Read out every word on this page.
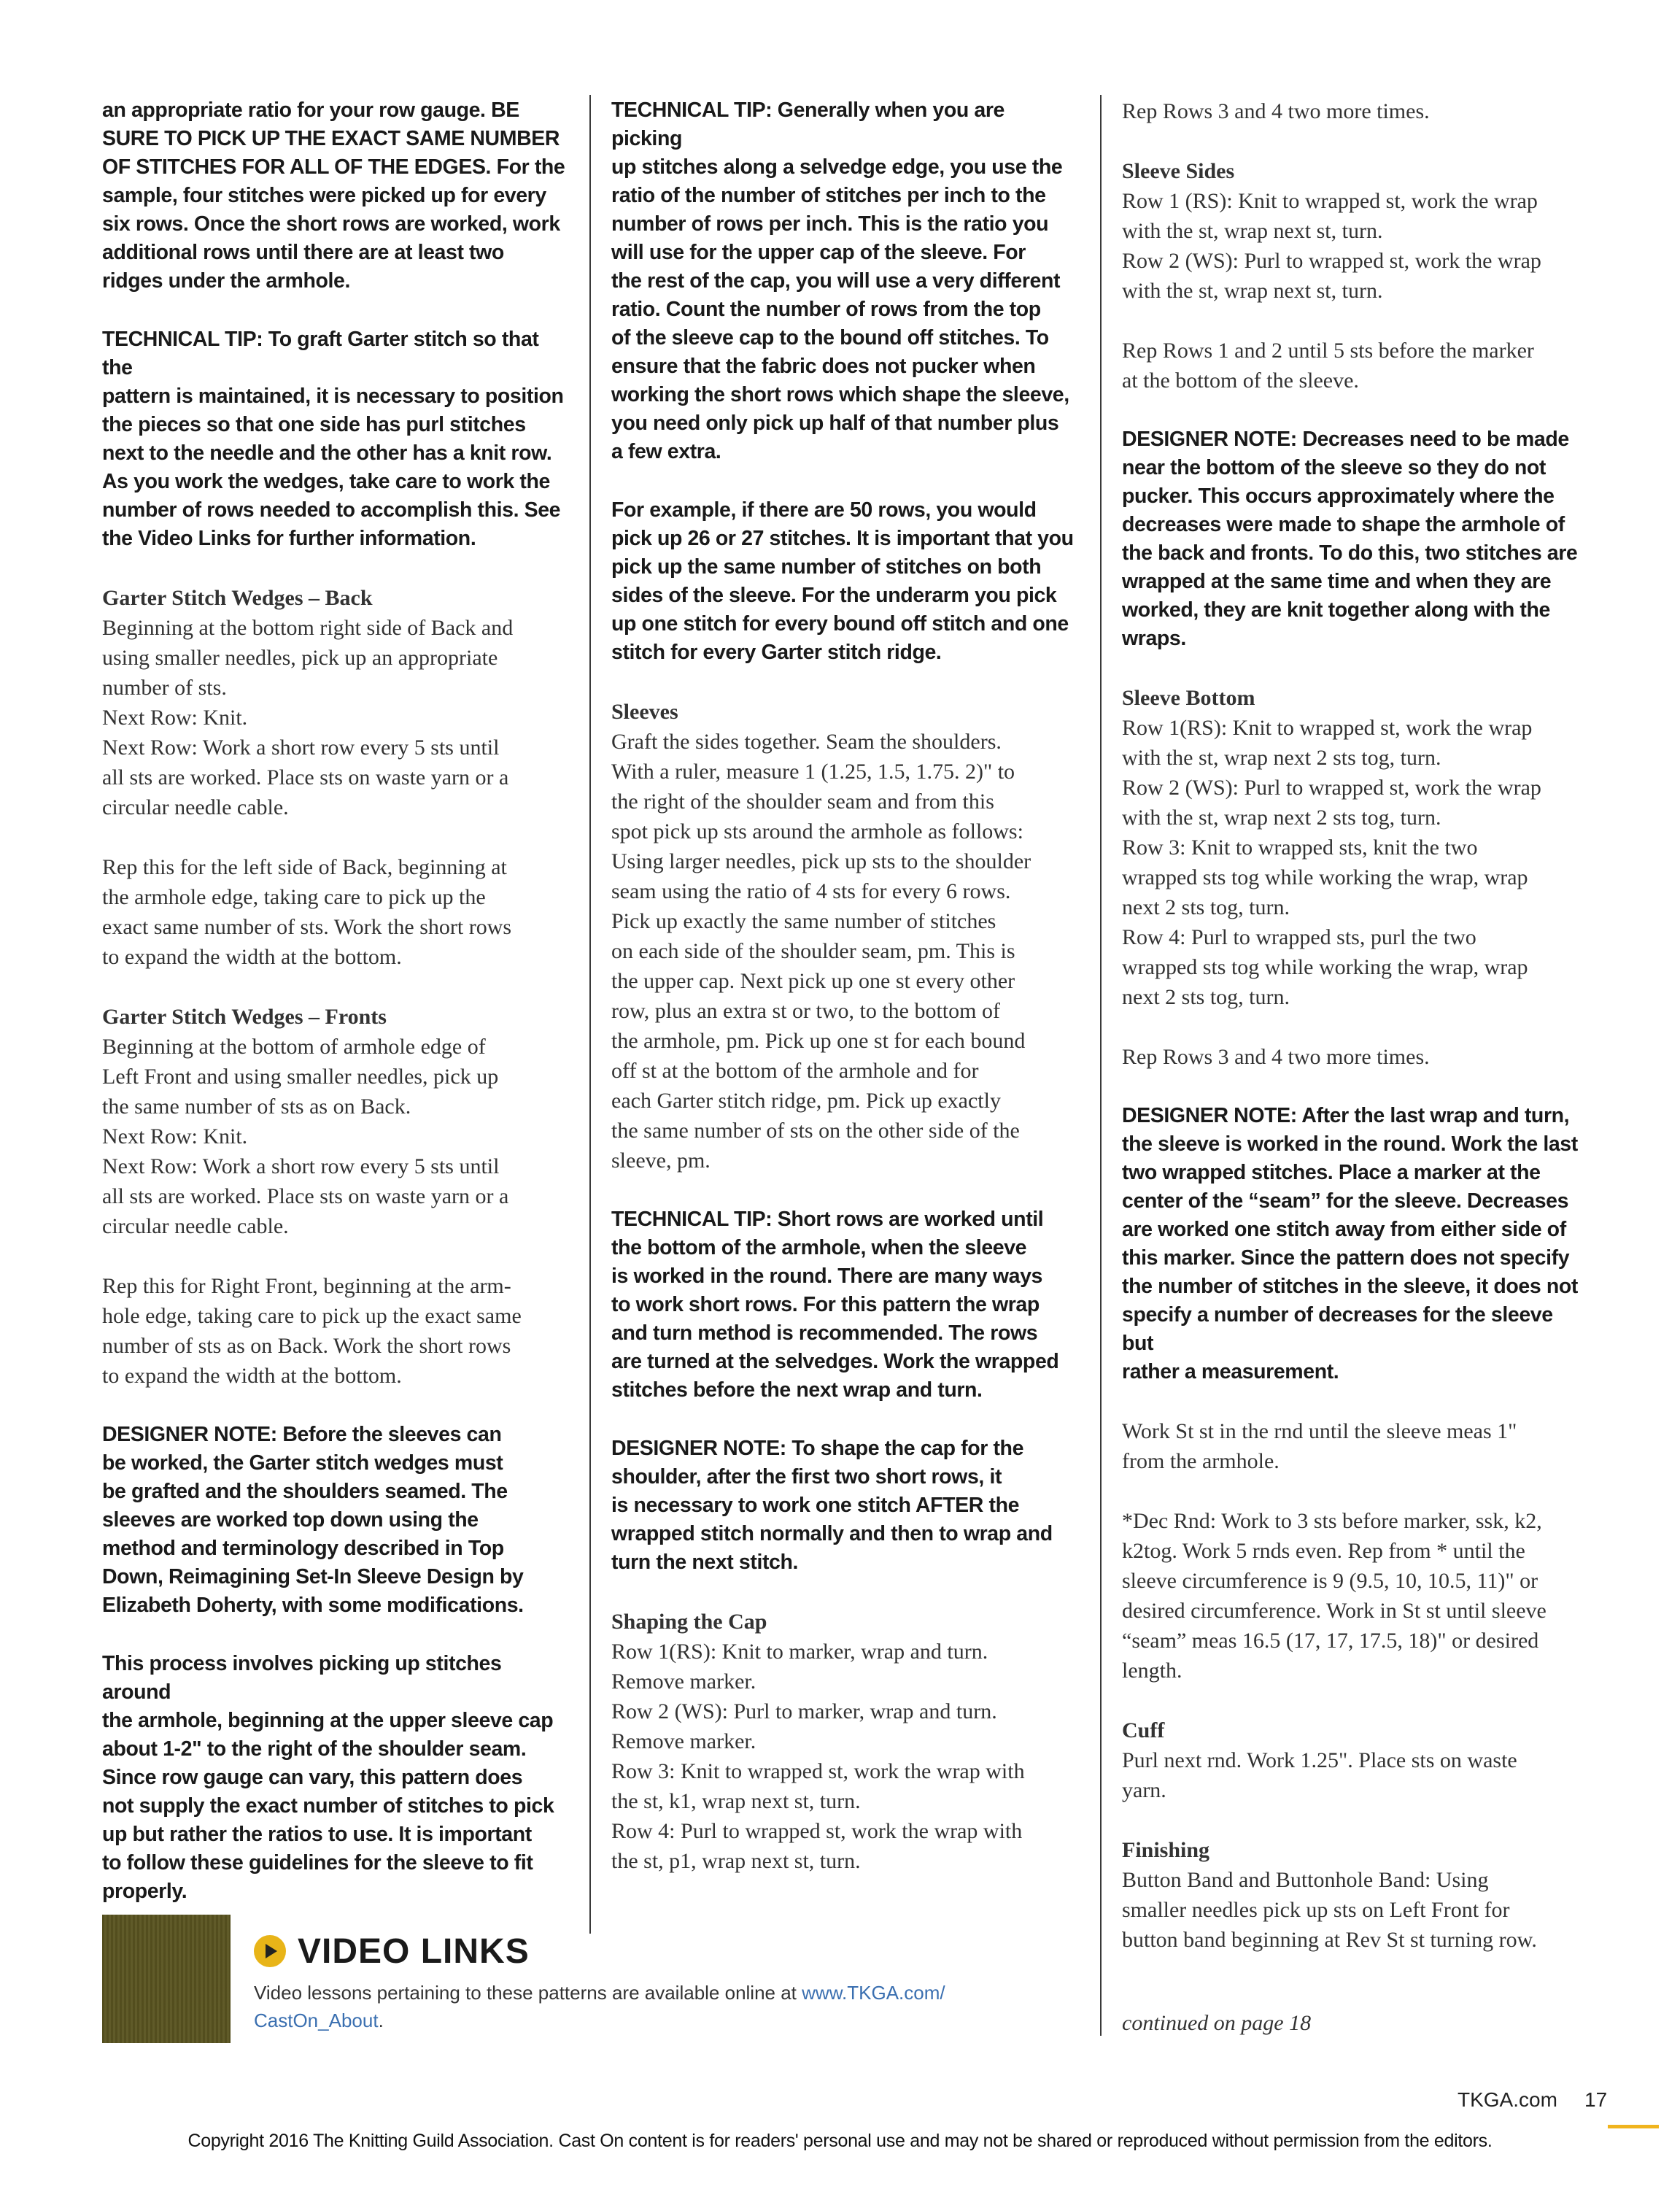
an appropriate ratio for your row gauge. BE
SURE TO PICK UP THE EXACT SAME NUMBER
OF STITCHES FOR ALL OF THE EDGES. For the
sample, four stitches were picked up for every
six rows. Once the short rows are worked, work
additional rows until there are at least two
ridges under the armhole.
TECHNICAL TIP: To graft Garter stitch so that the
pattern is maintained, it is necessary to position
the pieces so that one side has purl stitches
next to the needle and the other has a knit row.
As you work the wedges, take care to work the
number of rows needed to accomplish this. See
the Video Links for further information.

Garter Stitch Wedges – Back

Beginning at the bottom right side of Back and
using smaller needles, pick up an appropriate
number of sts.
Next Row: Knit.
Next Row: Work a short row every 5 sts until
all sts are worked. Place sts on waste yarn or a
circular needle cable.
Rep this for the left side of Back, beginning at
the armhole edge, taking care to pick up the
exact same number of sts. Work the short rows
to expand the width at the bottom.

Garter Stitch Wedges – Fronts

Beginning at the bottom of armhole edge of
Left Front and using smaller needles, pick up
the same number of sts as on Back.
Next Row: Knit.
Next Row: Work a short row every 5 sts until
all sts are worked. Place sts on waste yarn or a
circular needle cable.
Rep this for Right Front, beginning at the arm-
hole edge, taking care to pick up the exact same
number of sts as on Back. Work the short rows
to expand the width at the bottom.
DESIGNER NOTE: Before the sleeves can
be worked, the Garter stitch wedges must
be grafted and the shoulders seamed. The
sleeves are worked top down using the
method and terminology described in Top
Down, Reimagining Set-In Sleeve Design by
Elizabeth Doherty, with some modifications.
This process involves picking up stitches around
the armhole, beginning at the upper sleeve cap
about 1-2" to the right of the shoulder seam.
Since row gauge can vary, this pattern does
not supply the exact number of stitches to pick
up but rather the ratios to use. It is important
to follow these guidelines for the sleeve to fit
properly.
TECHNICAL TIP: Generally when you are picking
up stitches along a selvedge edge, you use the
ratio of the number of stitches per inch to the
number of rows per inch. This is the ratio you
will use for the upper cap of the sleeve. For
the rest of the cap, you will use a very different
ratio. Count the number of rows from the top
of the sleeve cap to the bound off stitches. To
ensure that the fabric does not pucker when
working the short rows which shape the sleeve,
you need only pick up half of that number plus
a few extra.
For example, if there are 50 rows, you would
pick up 26 or 27 stitches. It is important that you
pick up the same number of stitches on both
sides of the sleeve. For the underarm you pick
up one stitch for every bound off stitch and one
stitch for every Garter stitch ridge.

Sleeves

Graft the sides together. Seam the shoulders.
With a ruler, measure 1 (1.25, 1.5, 1.75. 2)" to
the right of the shoulder seam and from this
spot pick up sts around the armhole as follows:
Using larger needles, pick up sts to the shoulder
seam using the ratio of 4 sts for every 6 rows.
Pick up exactly the same number of stitches
on each side of the shoulder seam, pm. This is
the upper cap. Next pick up one st every other
row, plus an extra st or two, to the bottom of
the armhole, pm. Pick up one st for each bound
off st at the bottom of the armhole and for
each Garter stitch ridge, pm. Pick up exactly
the same number of sts on the other side of the
sleeve, pm.
TECHNICAL TIP: Short rows are worked until
the bottom of the armhole, when the sleeve
is worked in the round. There are many ways
to work short rows. For this pattern the wrap
and turn method is recommended. The rows
are turned at the selvedges. Work the wrapped
stitches before the next wrap and turn.
DESIGNER NOTE: To shape the cap for the
shoulder, after the first two short rows, it
is necessary to work one stitch AFTER the
wrapped stitch normally and then to wrap and
turn the next stitch.

Shaping the Cap

Row 1(RS): Knit to marker, wrap and turn.
Remove marker.
Row 2 (WS): Purl to marker, wrap and turn.
Remove marker.
Row 3: Knit to wrapped st, work the wrap with
the st, k1, wrap next st, turn.
Row 4: Purl to wrapped st, work the wrap with
the st, p1, wrap next st, turn.
Rep Rows 3 and 4 two more times.

Sleeve Sides

Row 1 (RS): Knit to wrapped st, work the wrap
with the st, wrap next st, turn.
Row 2 (WS): Purl to wrapped st, work the wrap
with the st, wrap next st, turn.
Rep Rows 1 and 2 until 5 sts before the marker
at the bottom of the sleeve.
DESIGNER NOTE: Decreases need to be made
near the bottom of the sleeve so they do not
pucker. This occurs approximately where the
decreases were made to shape the armhole of
the back and fronts. To do this, two stitches are
wrapped at the same time and when they are
worked, they are knit together along with the
wraps.

Sleeve Bottom

Row 1(RS): Knit to wrapped st, work the wrap
with the st, wrap next 2 sts tog, turn.
Row 2 (WS): Purl to wrapped st, work the wrap
with the st, wrap next 2 sts tog, turn.
Row 3: Knit to wrapped sts, knit the two
wrapped sts tog while working the wrap, wrap
next 2 sts tog, turn.
Row 4: Purl to wrapped sts, purl the two
wrapped sts tog while working the wrap, wrap
next 2 sts tog, turn.
Rep Rows 3 and 4 two more times.
DESIGNER NOTE: After the last wrap and turn,
the sleeve is worked in the round. Work the last
two wrapped stitches. Place a marker at the
center of the “seam” for the sleeve. Decreases
are worked one stitch away from either side of
this marker. Since the pattern does not specify
the number of stitches in the sleeve, it does not
specify a number of decreases for the sleeve but
rather a measurement.
Work St st in the rnd until the sleeve meas 1"
from the armhole.
*Dec Rnd: Work to 3 sts before marker, ssk, k2,
k2tog. Work 5 rnds even. Rep from * until the
sleeve circumference is 9 (9.5, 10, 10.5, 11)" or
desired circumference. Work in St st until sleeve
“seam” meas 16.5 (17, 17, 17.5, 18)" or desired
length.

Cuff

Purl next rnd. Work 1.25". Place sts on waste
yarn.

Finishing

Button Band and Buttonhole Band: Using
smaller needles pick up sts on Left Front for
button band beginning at Rev St st turning row.
VIDEO LINKS

Video lessons pertaining to these patterns are available online at www.TKGA.com/
CastOn_About.	continued on page 18

TKGA.com 17

Copyright 2016 The Knitting Guild Association. Cast On content is for readers' personal use and may not be shared or reproduced without permission from the editors.
